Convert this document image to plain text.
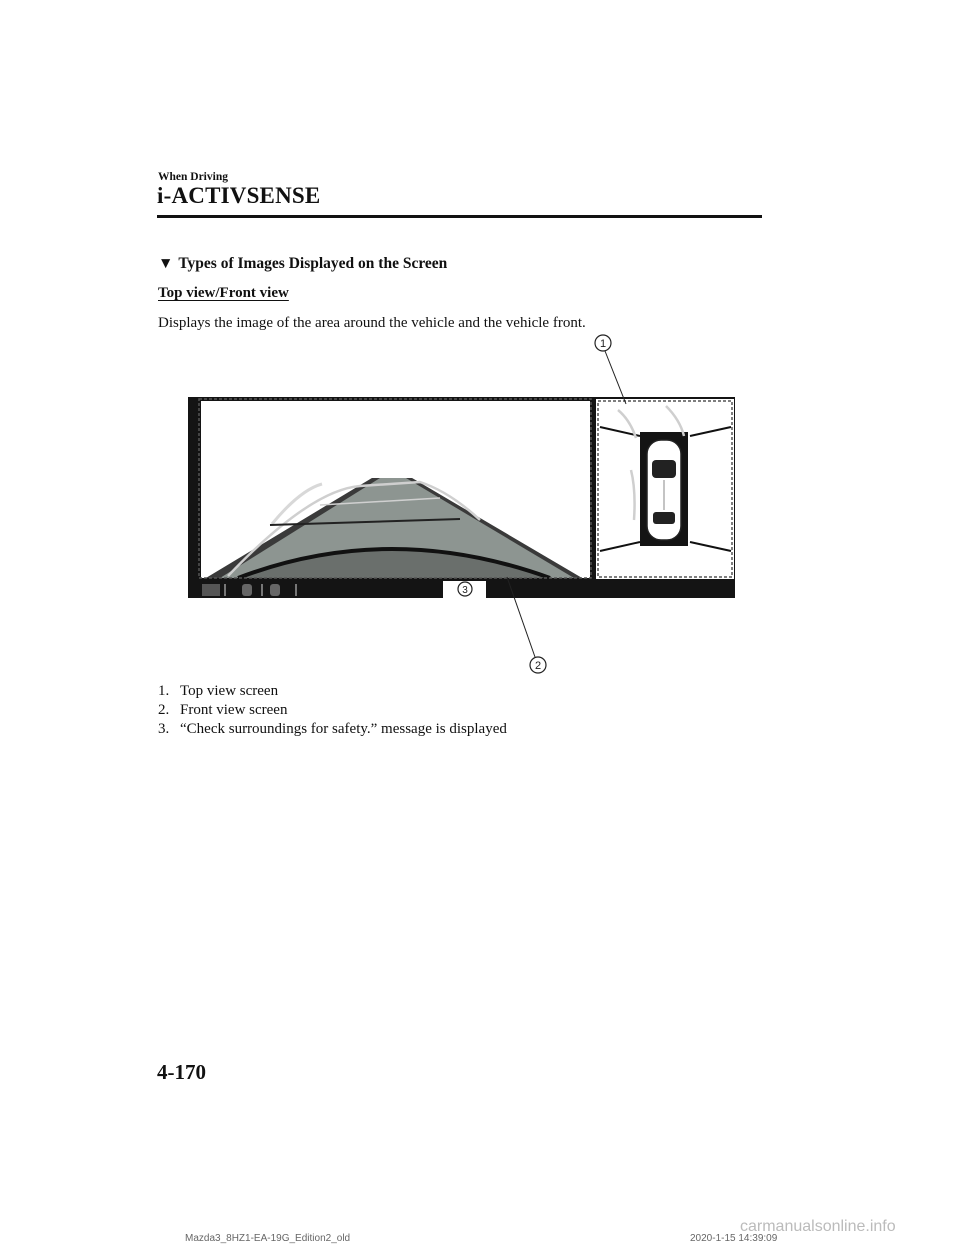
When Driving
i-ACTIVSENSE
▼ Types of Images Displayed on the Screen
Top view/Front view
Displays the image of the area around the vehicle and the vehicle front.
3
1
2
1. Top view screen
2. Front view screen
3. “Check surroundings for safety.” message is displayed
4-170
Mazda3_8HZ1-EA-19G_Edition2_old	2020-1-15 14:39:09
carmanualsonline.info
